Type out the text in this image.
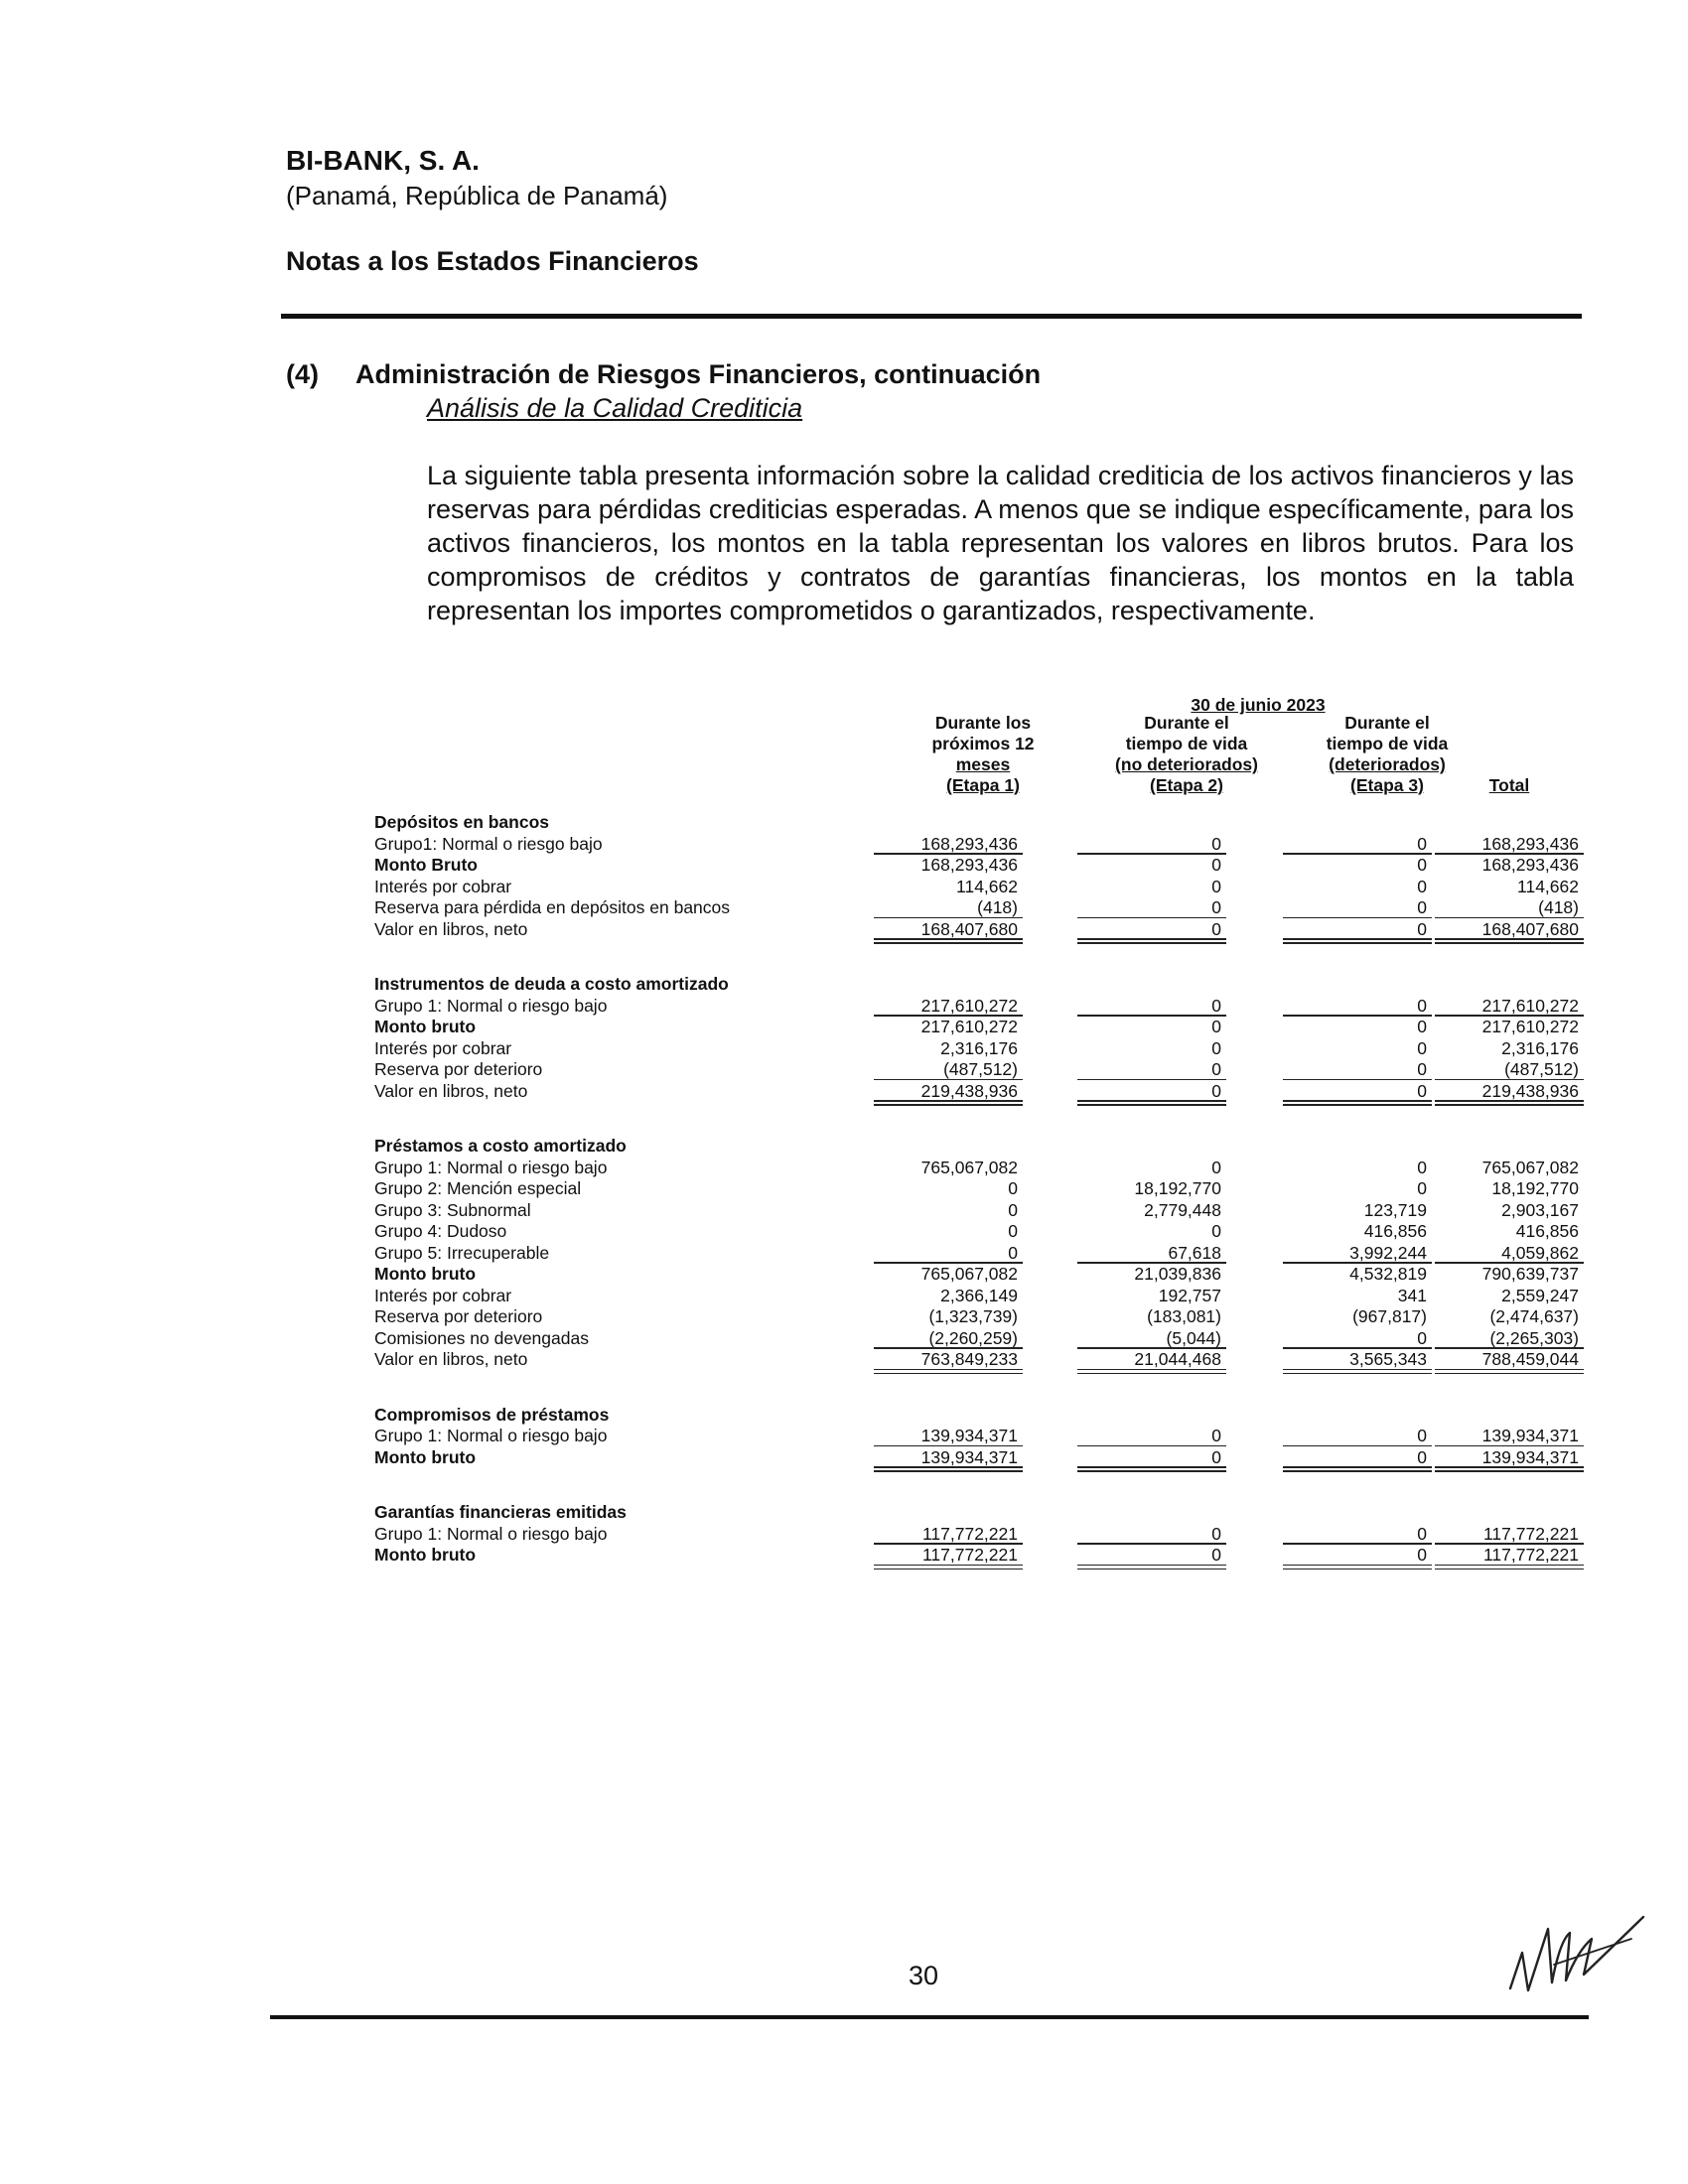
BI-BANK, S. A.
(Panamá, República de Panamá)
Notas a los Estados Financieros
(4) Administración de Riesgos Financieros, continuación
Análisis de la Calidad Crediticia
La siguiente tabla presenta información sobre la calidad crediticia de los activos financieros y las reservas para pérdidas crediticias esperadas. A menos que se indique específicamente, para los activos financieros, los montos en la tabla representan los valores en libros brutos. Para los compromisos de créditos y contratos de garantías financieras, los montos en la tabla representan los importes comprometidos o garantizados, respectivamente.
30 de junio 2023
Durante los
próximos 12
meses
(Etapa 1)
Durante el
tiempo de vida
(no deteriorados)
(Etapa 2)
Durante el
tiempo de vida
(deteriorados)
(Etapa 3)	Total
Depósitos en bancos
Grupo1: Normal o riesgo bajo	168,293,436	0	0	168,293,436
Monto Bruto	168,293,436	0	0	168,293,436
Interés por cobrar	114,662	0	0	114,662
Reserva para pérdida en depósitos en bancos	(418)	0	0	(418)
Valor en libros, neto	168,407,680	0	0	168,407,680
Instrumentos de deuda a costo amortizado
Grupo 1: Normal o riesgo bajo	217,610,272	0	0	217,610,272
Monto bruto	217,610,272	0	0	217,610,272
Interés por cobrar	2,316,176	0	0	2,316,176
Reserva por deterioro	(487,512)	0	0	(487,512)
Valor en libros, neto	219,438,936	0	0	219,438,936
Préstamos a costo amortizado
Grupo 1: Normal o riesgo bajo	765,067,082	0	0	765,067,082
Grupo 2: Mención especial	0	18,192,770	0	18,192,770
Grupo 3: Subnormal	0	2,779,448	123,719	2,903,167
Grupo 4: Dudoso	0	0	416,856	416,856
Grupo 5: Irrecuperable	0	67,618	3,992,244	4,059,862
Monto bruto	765,067,082	21,039,836	4,532,819	790,639,737
Interés por cobrar	2,366,149	192,757	341	2,559,247
Reserva por deterioro	(1,323,739)	(183,081)	(967,817)	(2,474,637)
Comisiones no devengadas	(2,260,259)	(5,044)	0	(2,265,303)
Valor en libros, neto	763,849,233	21,044,468	3,565,343	788,459,044
Compromisos de préstamos
Grupo 1: Normal o riesgo bajo	139,934,371	0	0	139,934,371
Monto bruto	139,934,371	0	0	139,934,371
Garantías financieras emitidas
Grupo 1: Normal o riesgo bajo	117,772,221	0	0	117,772,221
Monto bruto	117,772,221	0	0	117,772,221
30
